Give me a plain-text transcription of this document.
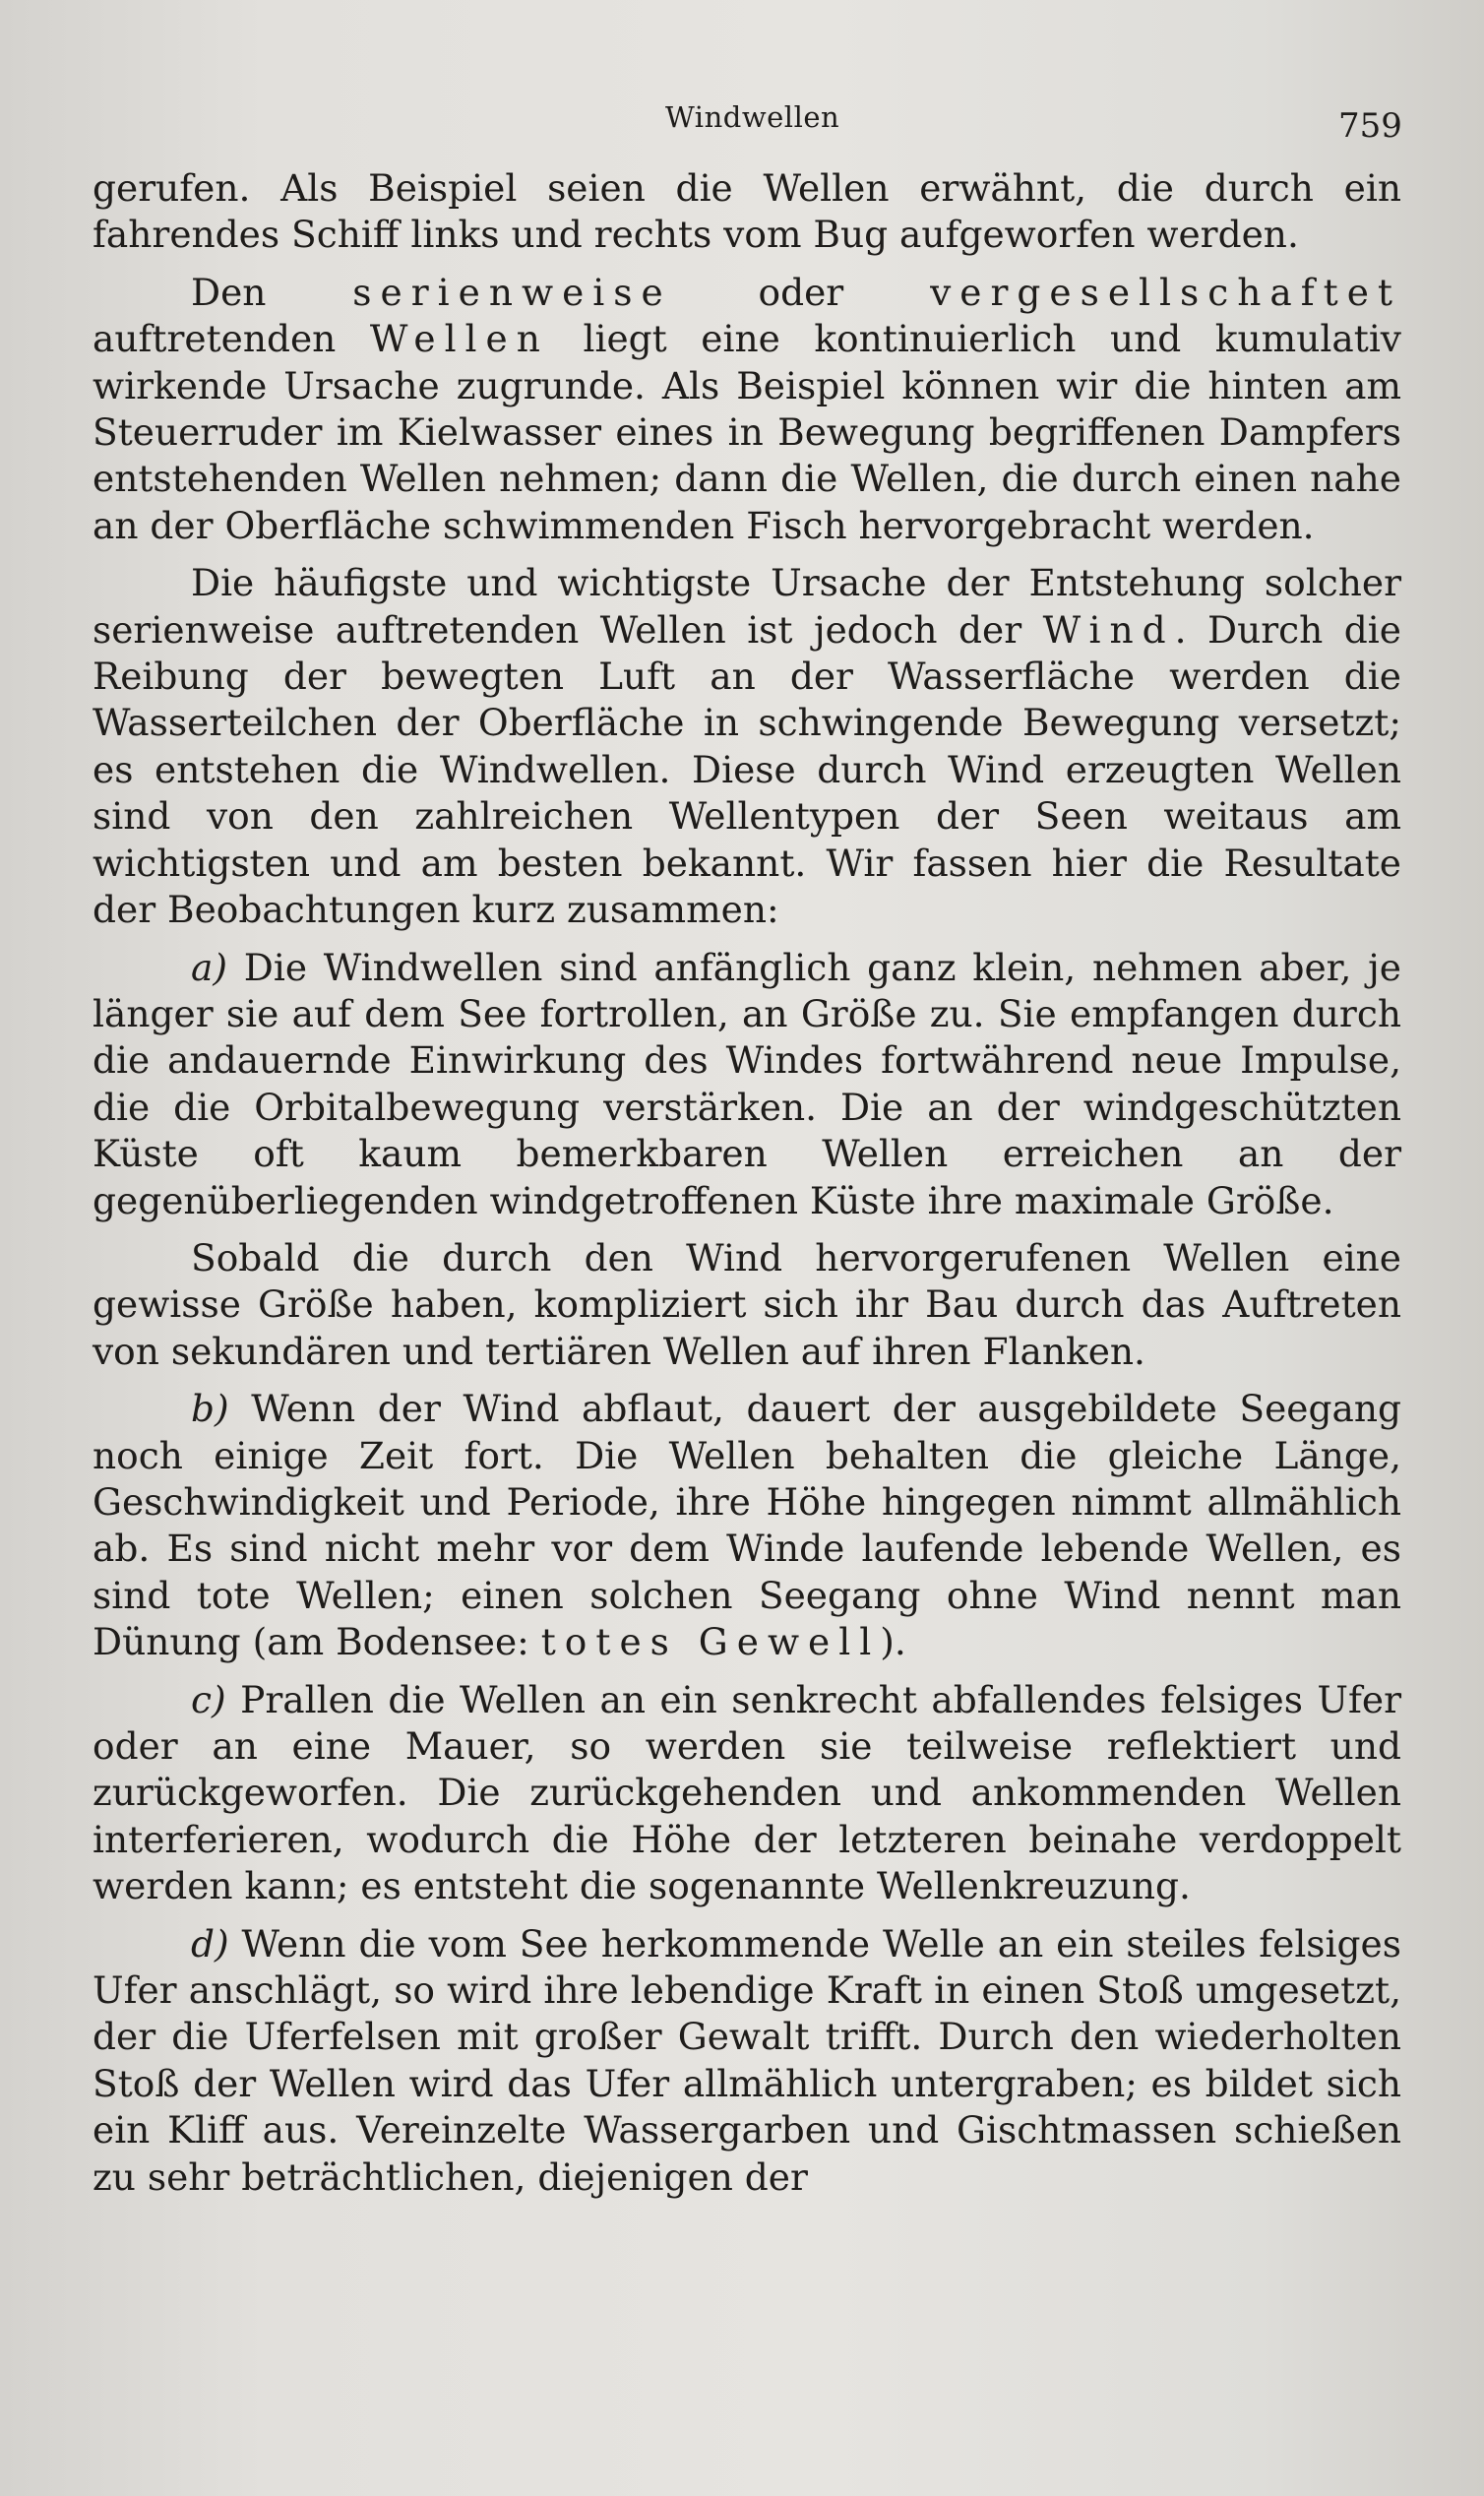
Windwellen	759

gerufen. Als Beispiel seien die Wellen erwähnt, die durch ein fahrendes Schiff links und rechts vom Bug aufgeworfen werden.

Den serienweise oder vergesellschaftet auftretenden Wellen liegt eine kontinuierlich und kumulativ wirkende Ursache zugrunde. Als Beispiel können wir die hinten am Steuerruder im Kielwasser eines in Bewegung begriffenen Dampfers entstehenden Wellen nehmen; dann die Wellen, die durch einen nahe an der Oberfläche schwimmenden Fisch hervorgebracht werden.

Die häufigste und wichtigste Ursache der Entstehung solcher serienweise auftretenden Wellen ist jedoch der Wind. Durch die Reibung der bewegten Luft an der Wasserfläche werden die Wasserteilchen der Oberfläche in schwingende Bewegung versetzt; es entstehen die Windwellen. Diese durch Wind erzeugten Wellen sind von den zahlreichen Wellentypen der Seen weitaus am wichtigsten und am besten bekannt. Wir fassen hier die Resultate der Beobachtungen kurz zusammen:

a) Die Windwellen sind anfänglich ganz klein, nehmen aber, je länger sie auf dem See fortrollen, an Größe zu. Sie empfangen durch die andauernde Einwirkung des Windes fortwährend neue Impulse, die die Orbitalbewegung verstärken. Die an der windgeschützten Küste oft kaum bemerkbaren Wellen erreichen an der gegenüberliegenden windgetroffenen Küste ihre maximale Größe.

Sobald die durch den Wind hervorgerufenen Wellen eine gewisse Größe haben, kompliziert sich ihr Bau durch das Auftreten von sekundären und tertiären Wellen auf ihren Flanken.

b) Wenn der Wind abflaut, dauert der ausgebildete Seegang noch einige Zeit fort. Die Wellen behalten die gleiche Länge, Geschwindigkeit und Periode, ihre Höhe hingegen nimmt allmählich ab. Es sind nicht mehr vor dem Winde laufende lebende Wellen, es sind tote Wellen; einen solchen Seegang ohne Wind nennt man Dünung (am Bodensee: totes Gewell).

c) Prallen die Wellen an ein senkrecht abfallendes felsiges Ufer oder an eine Mauer, so werden sie teilweise reflektiert und zurückgeworfen. Die zurückgehenden und ankommenden Wellen interferieren, wodurch die Höhe der letzteren beinahe verdoppelt werden kann; es entsteht die sogenannte Wellenkreuzung.

d) Wenn die vom See herkommende Welle an ein steiles felsiges Ufer anschlägt, so wird ihre lebendige Kraft in einen Stoß umgesetzt, der die Uferfelsen mit großer Gewalt trifft. Durch den wiederholten Stoß der Wellen wird das Ufer allmählich untergraben; es bildet sich ein Kliff aus. Vereinzelte Wassergarben und Gischtmassen schießen zu sehr beträchtlichen, diejenigen der
